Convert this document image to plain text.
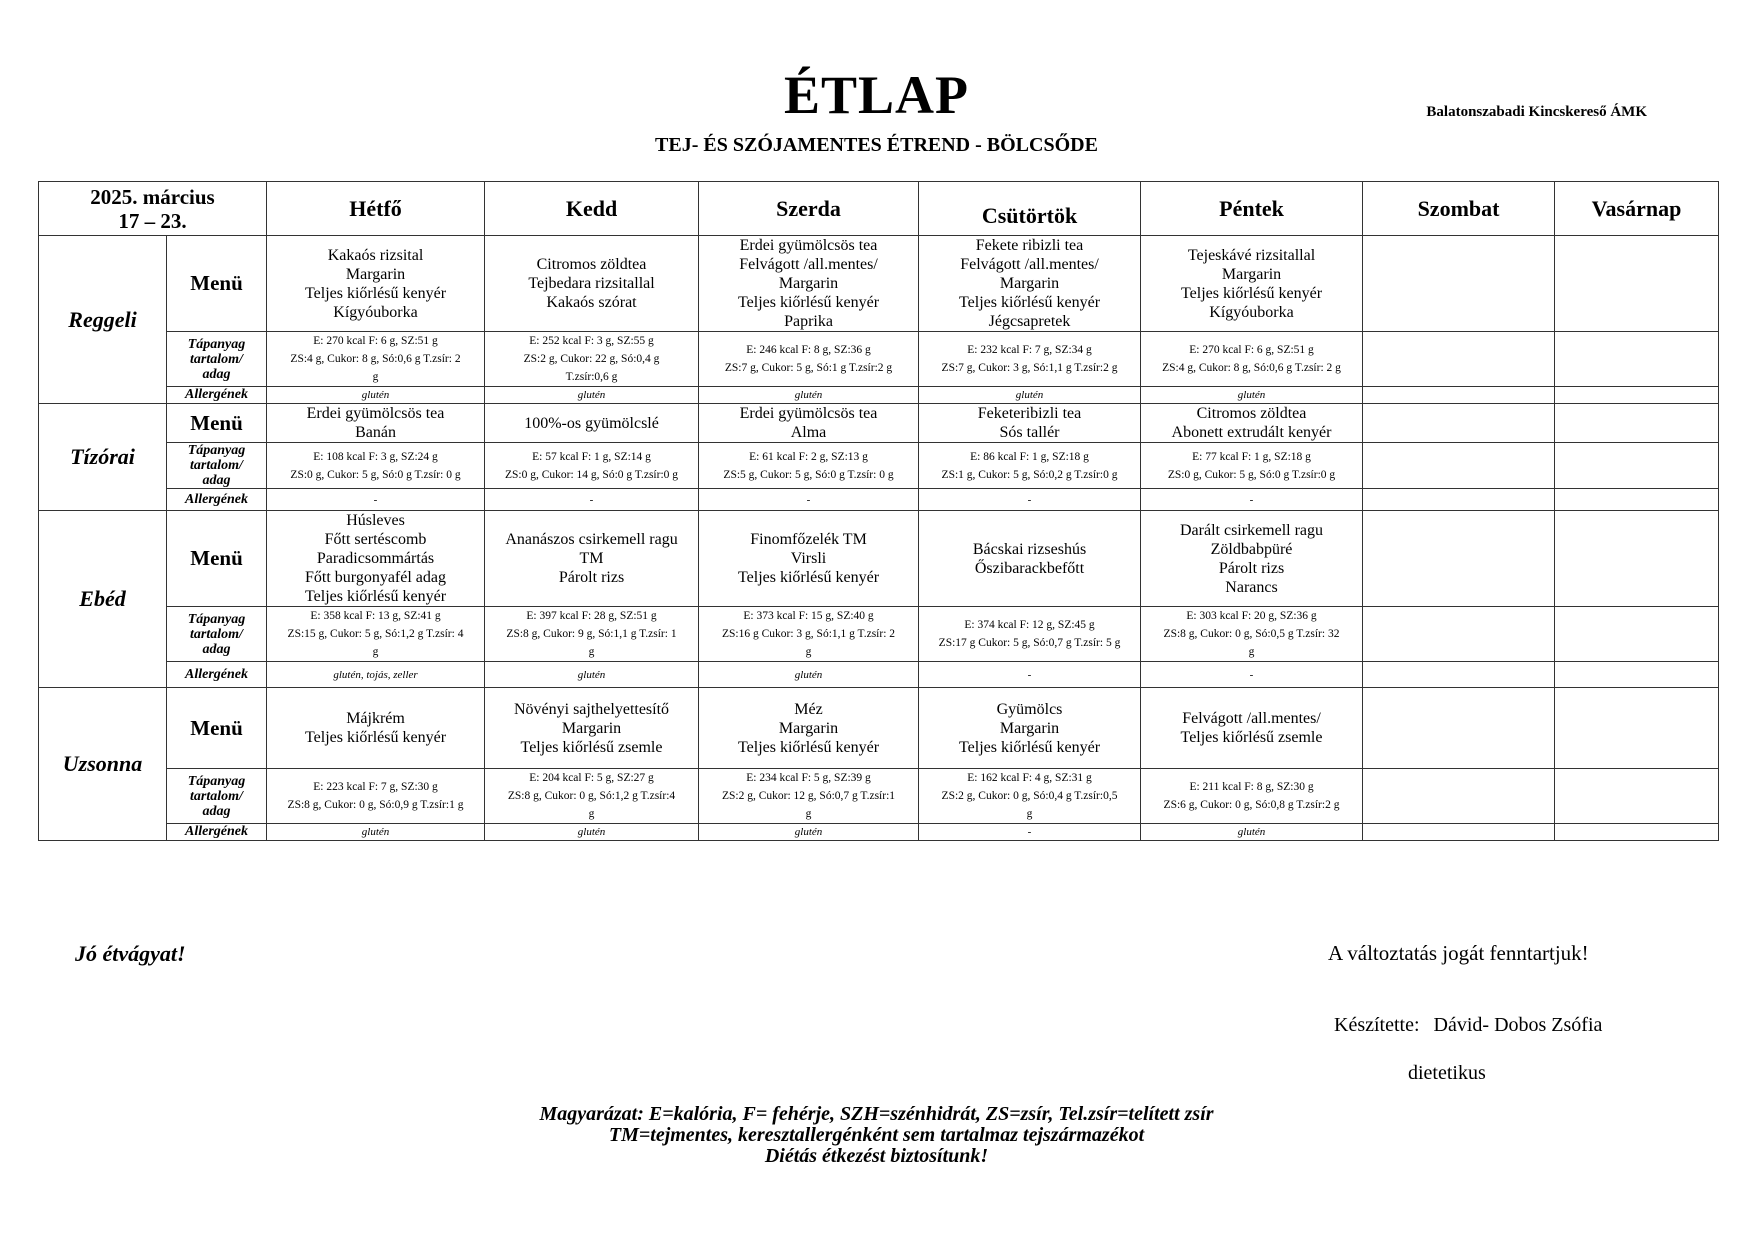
ÉTLAP
TEJ- ÉS SZÓJAMENTES ÉTREND - BÖLCSŐDE
Balatonszabadi Kincskereső ÁMK
2025. március
17 – 23.		Hétfő	Kedd	Szerda	Csütörtök	Péntek	Szombat	Vasárnap
Reggeli	Menü	Kakaós rizsital
Margarin
Teljes kiőrlésű kenyér
Kígyóuborka	Citromos zöldtea
Tejbedara rizsitallal
Kakaós szórat	Erdei gyümölcsös tea
Felvágott /all.mentes/
Margarin
Teljes kiőrlésű kenyér
Paprika	Fekete ribizli tea
Felvágott /all.mentes/
Margarin
Teljes kiőrlésű kenyér
Jégcsapretek	Tejeskávé rizsitallal
Margarin
Teljes kiőrlésű kenyér
Kígyóuborka		

	Tápanyag
tartalom/
adag	E: 270 kcal F: 6 g, SZ:51 g
ZS:4 g, Cukor: 8 g, Só:0,6 g T.zsír: 2
g	E: 252 kcal F: 3 g, SZ:55 g
ZS:2 g, Cukor: 22 g, Só:0,4 g
T.zsír:0,6 g	E: 246 kcal F: 8 g, SZ:36 g
ZS:7 g, Cukor: 5 g, Só:1 g T.zsír:2 g	E: 232 kcal F: 7 g, SZ:34 g
ZS:7 g, Cukor: 3 g, Só:1,1 g T.zsír:2 g	E: 270 kcal F: 6 g, SZ:51 g
ZS:4 g, Cukor: 8 g, Só:0,6 g T.zsír: 2 g		

	Allergének	glutén	glutén	glutén	glutén	glutén		
Tízórai	Menü	Erdei gyümölcsös tea
Banán	100%-os gyümölcslé	Erdei gyümölcsös tea
Alma	Feketeribizli tea
Sós tallér	Citromos zöldtea
Abonett extrudált kenyér		

	Tápanyag
tartalom/
adag	E: 108 kcal F: 3 g, SZ:24 g
ZS:0 g, Cukor: 5 g, Só:0 g T.zsír: 0 g	E: 57 kcal F: 1 g, SZ:14 g
ZS:0 g, Cukor: 14 g, Só:0 g T.zsír:0 g	E: 61 kcal F: 2 g, SZ:13 g
ZS:5 g, Cukor: 5 g, Só:0 g T.zsír: 0 g	E: 86 kcal F: 1 g, SZ:18 g
ZS:1 g, Cukor: 5 g, Só:0,2 g T.zsír:0 g	E: 77 kcal F: 1 g, SZ:18 g
ZS:0 g, Cukor: 5 g, Só:0 g T.zsír:0 g		

	Allergének	-	-	-	-	-		
Ebéd	Menü	Húsleves
Főtt sertéscomb
Paradicsommártás
Főtt burgonyafél adag
Teljes kiőrlésű kenyér	Ananászos csirkemell ragu
TM
Párolt rizs	Finomfőzelék TM
Virsli
Teljes kiőrlésű kenyér	Bácskai rizseshús
Őszibarackbefőtt	Darált csirkemell ragu
Zöldbabpüré
Párolt rizs
Narancs		

	Tápanyag
tartalom/
adag	E: 358 kcal F: 13 g, SZ:41 g
ZS:15 g, Cukor: 5 g, Só:1,2 g T.zsír: 4
g	E: 397 kcal F: 28 g, SZ:51 g
ZS:8 g, Cukor: 9 g, Só:1,1 g T.zsír: 1
g	E: 373 kcal F: 15 g, SZ:40 g
ZS:16 g Cukor: 3 g, Só:1,1 g T.zsír: 2
g	E: 374 kcal F: 12 g, SZ:45 g
ZS:17 g Cukor: 5 g, Só:0,7 g T.zsír: 5 g	E: 303 kcal F: 20 g, SZ:36 g
ZS:8 g, Cukor: 0 g, Só:0,5 g T.zsír: 32
g		

	Allergének	glutén, tojás, zeller	glutén	glutén	-	-		
Uzsonna	Menü	Májkrém
Teljes kiőrlésű kenyér	Növényi sajthelyettesítő
Margarin
Teljes kiőrlésű zsemle	Méz
Margarin
Teljes kiőrlésű kenyér	Gyümölcs
Margarin
Teljes kiőrlésű kenyér	Felvágott /all.mentes/
Teljes kiőrlésű zsemle		

	Tápanyag
tartalom/
adag	E: 223 kcal F: 7 g, SZ:30 g
ZS:8 g, Cukor: 0 g, Só:0,9 g T.zsír:1 g	E: 204 kcal F: 5 g, SZ:27 g
ZS:8 g, Cukor: 0 g, Só:1,2 g T.zsír:4
g	E: 234 kcal F: 5 g, SZ:39 g
ZS:2 g, Cukor: 12 g, Só:0,7 g T.zsír:1
g	E: 162 kcal F: 4 g, SZ:31 g
ZS:2 g, Cukor: 0 g, Só:0,4 g T.zsír:0,5
g	E: 211 kcal F: 8 g, SZ:30 g
ZS:6 g, Cukor: 0 g, Só:0,8 g T.zsír:2 g		

	Allergének	glutén	glutén	glutén	-	glutén		
Jó étvágyat!	A változtatás jogát fenntartjuk!
Készítette: Dávid- Dobos Zsófia
dietetikus
Magyarázat: E=kalória, F= fehérje, SZH=szénhidrát, ZS=zsír, Tel.zsír=telített zsír
TM=tejmentes, keresztallergénként sem tartalmaz tejszármazékot
Diétás étkezést biztosítunk!
